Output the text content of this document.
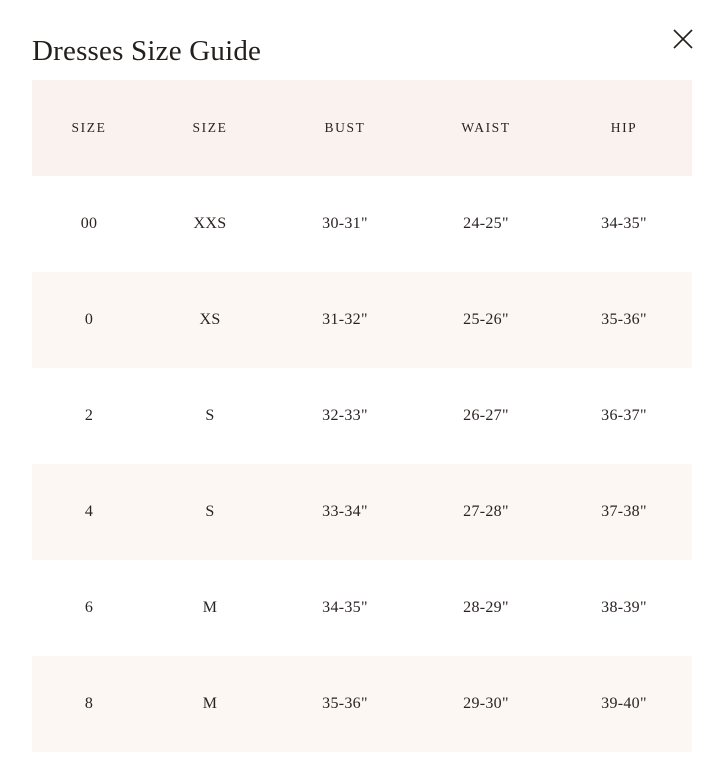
Dresses Size Guide
SIZE	SIZE	BUST	WAIST	HIP
00	XXS	30-31"	24-25"	34-35"
0	XS	31-32"	25-26"	35-36"
2	S	32-33"	26-27"	36-37"
4	S	33-34"	27-28"	37-38"
6	M	34-35"	28-29"	38-39"
8	M	35-36"	29-30"	39-40"
